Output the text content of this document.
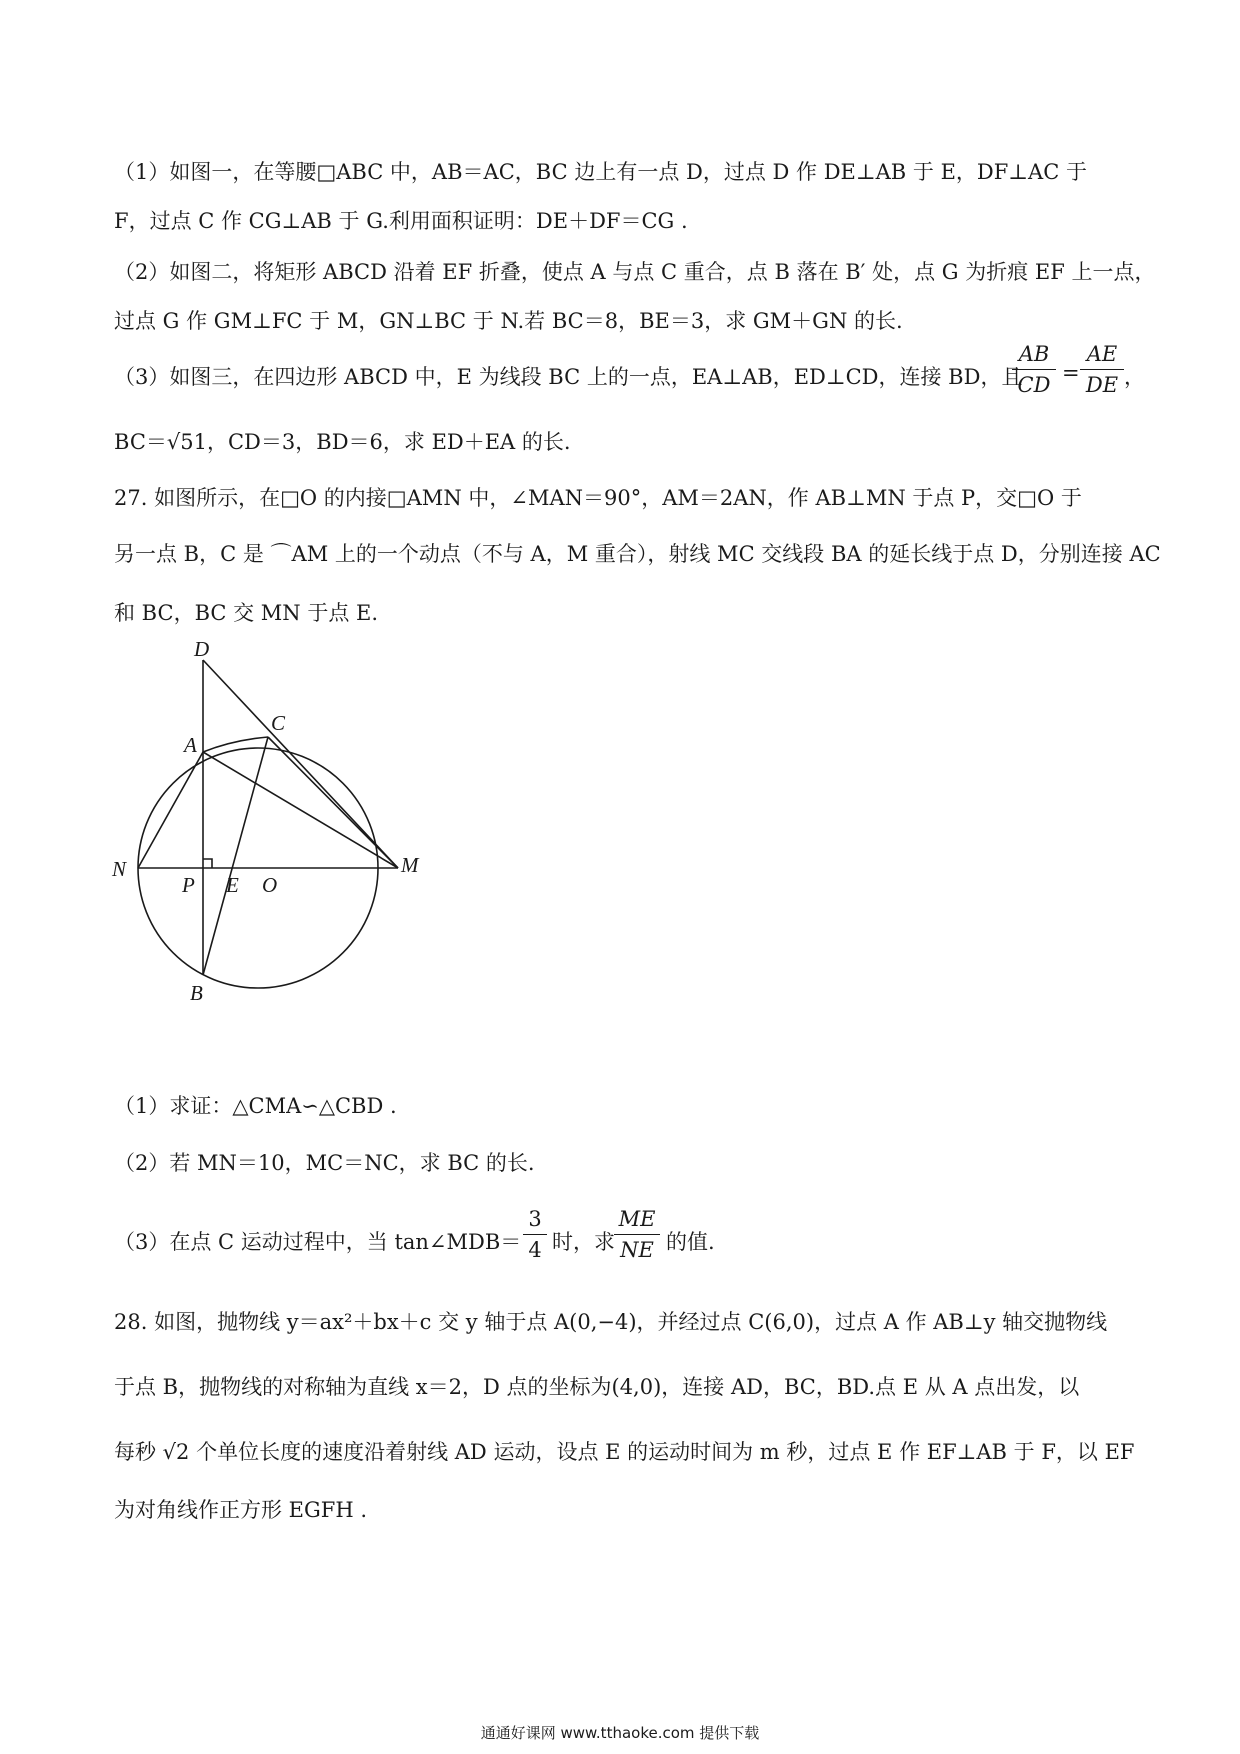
（1）如图一，在等腰□ABC 中，AB＝AC，BC 边上有一点 D，过点 D 作 DE⊥AB 于 E，DF⊥AC 于
F，过点 C 作 CG⊥AB 于 G.利用面积证明：DE＋DF＝CG .
（2）如图二，将矩形 ABCD 沿着 EF 折叠，使点 A 与点 C 重合，点 B 落在 B′ 处，点 G 为折痕 EF 上一点，
过点 G 作 GM⊥FC 于 M，GN⊥BC 于 N.若 BC＝8，BE＝3，求 GM＋GN 的长.
（3）如图三，在四边形 ABCD 中，E 为线段 BC 上的一点，EA⊥AB，ED⊥CD，连接 BD，且
AB
CD =
AE
DE ，
BC＝√51，CD＝3，BD＝6，求 ED＋EA 的长.
27. 如图所示，在□O 的内接□AMN 中，∠MAN＝90°，AM＝2AN，作 AB⊥MN 于点 P，交□O 于
另一点 B，C 是 ⌒AM 上的一个动点（不与 A，M 重合），射线 MC 交线段 BA 的延长线于点 D，分别连接 AC
和 BC，BC 交 MN 于点 E.
D
C
A
N	M
P E O
B
（1）求证：△CMA∽△CBD .
（2）若 MN＝10，MC＝NC，求 BC 的长.
（3）在点 C 运动过程中，当 tan∠MDB＝
3
4 时，求
ME
NE 的值.
28. 如图，抛物线 y＝ax²＋bx＋c 交 y 轴于点 A(0,−4)，并经过点 C(6,0)，过点 A 作 AB⊥y 轴交抛物线
于点 B，抛物线的对称轴为直线 x＝2，D 点的坐标为(4,0)，连接 AD，BC，BD.点 E 从 A 点出发，以
每秒 √2 个单位长度的速度沿着射线 AD 运动，设点 E 的运动时间为 m 秒，过点 E 作 EF⊥AB 于 F，以 EF
为对角线作正方形 EGFH .
通通好课网 www.tthaoke.com 提供下载
